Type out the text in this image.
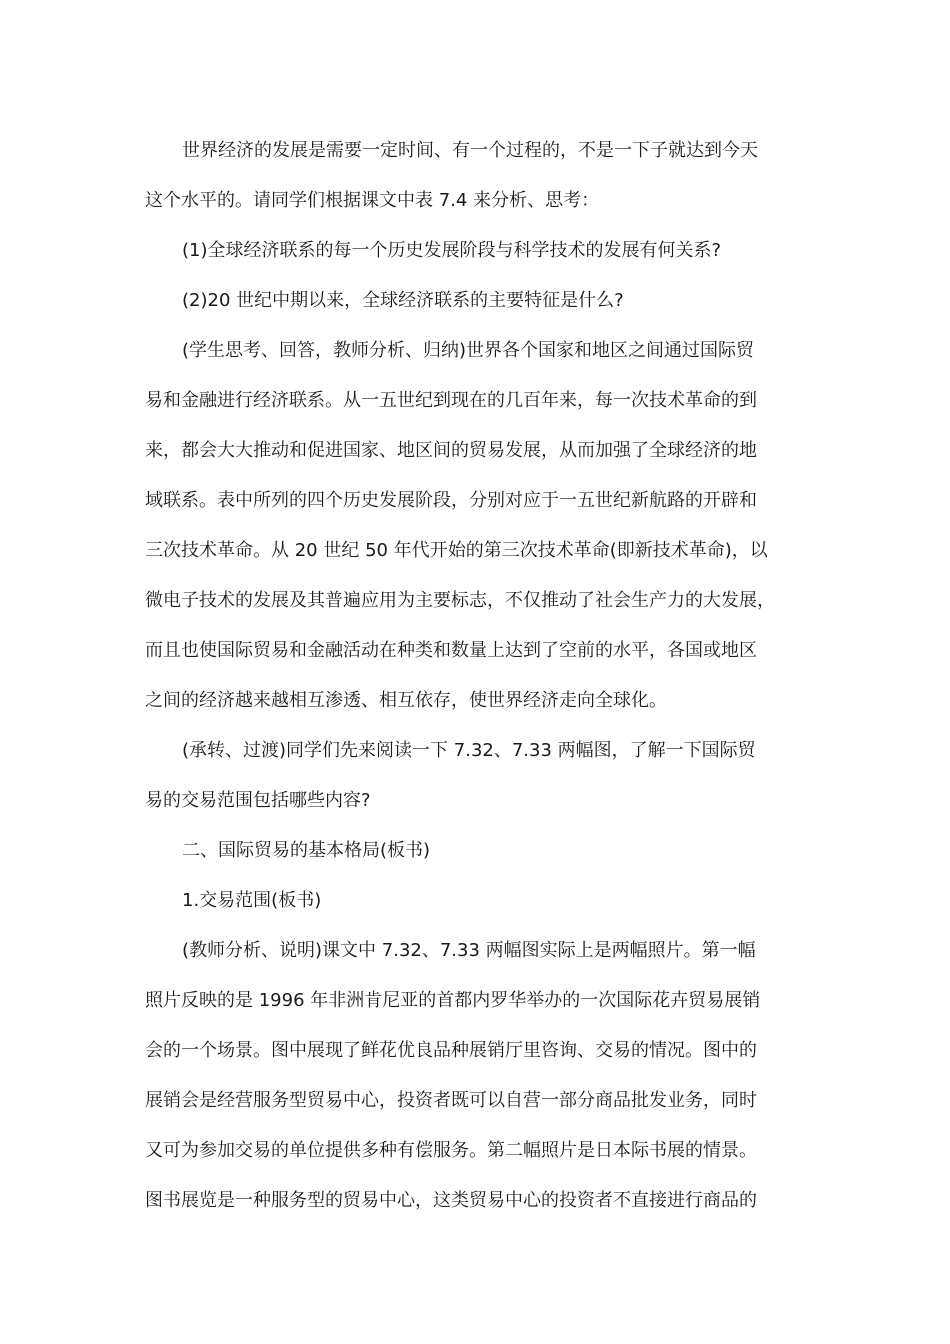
世界经济的发展是需要一定时间、有一个过程的，不是一下子就达到今天
这个水平的。请同学们根据课文中表 7.4 来分析、思考：
(1)全球经济联系的每一个历史发展阶段与科学技术的发展有何关系?
(2)20 世纪中期以来，全球经济联系的主要特征是什么?
(学生思考、回答，教师分析、归纳)世界各个国家和地区之间通过国际贸
易和金融进行经济联系。从一五世纪到现在的几百年来，每一次技术革命的到
来，都会大大推动和促进国家、地区间的贸易发展，从而加强了全球经济的地
域联系。表中所列的四个历史发展阶段，分别对应于一五世纪新航路的开辟和
三次技术革命。从 20 世纪 50 年代开始的第三次技术革命(即新技术革命)，以
微电子技术的发展及其普遍应用为主要标志，不仅推动了社会生产力的大发展，
而且也使国际贸易和金融活动在种类和数量上达到了空前的水平，各国或地区
之间的经济越来越相互渗透、相互依存，使世界经济走向全球化。
(承转、过渡)同学们先来阅读一下 7.32、7.33 两幅图，了解一下国际贸
易的交易范围包括哪些内容?
二、国际贸易的基本格局(板书)
1.交易范围(板书)
(教师分析、说明)课文中 7.32、7.33 两幅图实际上是两幅照片。第一幅
照片反映的是 1996 年非洲肯尼亚的首都内罗华举办的一次国际花卉贸易展销
会的一个场景。图中展现了鲜花优良品种展销厅里咨询、交易的情况。图中的
展销会是经营服务型贸易中心，投资者既可以自营一部分商品批发业务，同时
又可为参加交易的单位提供多种有偿服务。第二幅照片是日本际书展的情景。
图书展览是一种服务型的贸易中心，这类贸易中心的投资者不直接进行商品的
